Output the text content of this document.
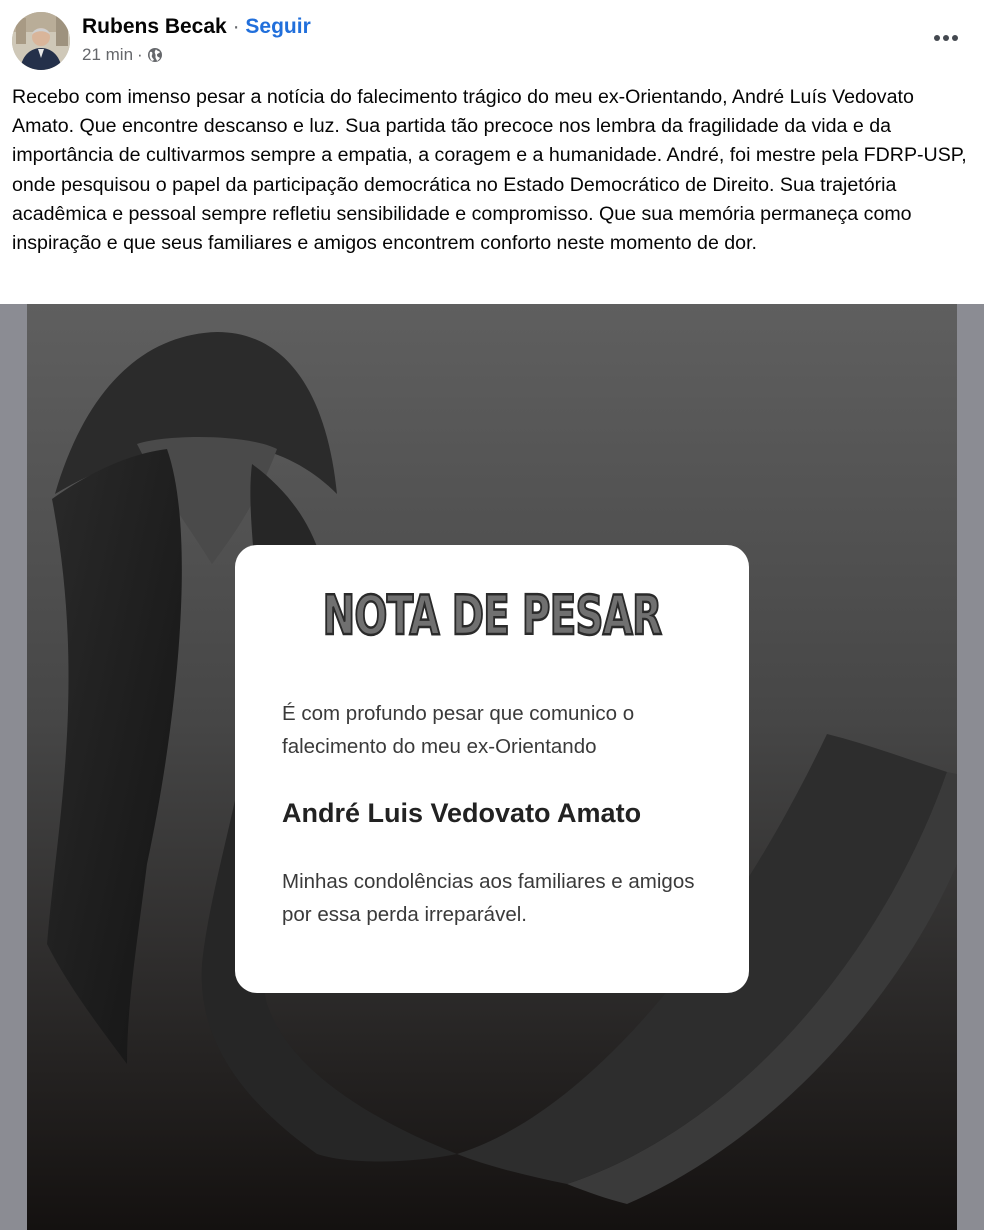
Rubens Becak · Seguir
21 min ·

Recebo com imenso pesar a notícia do falecimento trágico do meu ex-Orientando, André Luís Vedovato Amato. Que encontre descanso e luz. Sua partida tão precoce nos lembra da fragilidade da vida e da importância de cultivarmos sempre a empatia, a coragem e a humanidade. André, foi mestre pela FDRP-USP, onde pesquisou o papel da participação democrática no Estado Democrático de Direito. Sua trajetória acadêmica e pessoal sempre refletiu sensibilidade e compromisso. Que sua memória permaneça como inspiração e que seus familiares e amigos encontrem conforto neste momento de dor.

NOTA DE PESAR

É com profundo pesar que comunico o falecimento do meu ex-Orientando

André Luis Vedovato Amato

Minhas condolências aos familiares e amigos por essa perda irreparável.
